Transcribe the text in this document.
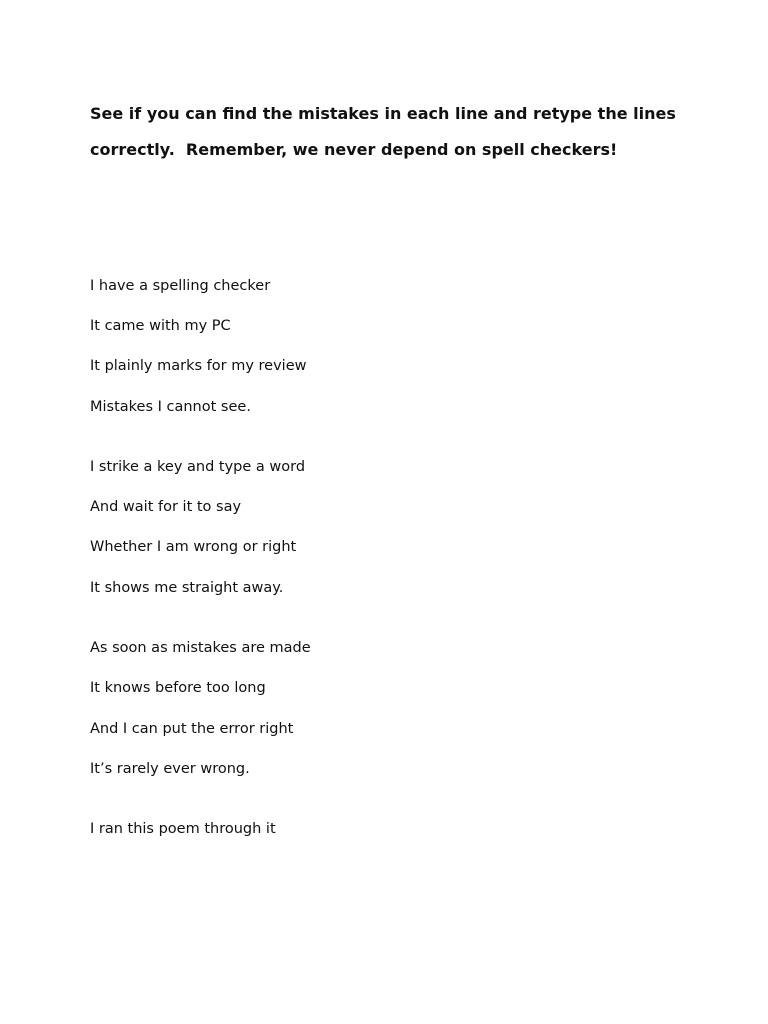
See if you can find the mistakes in each line and retype the lines
correctly.  Remember, we never depend on spell checkers!
I have a spelling checker
It came with my PC
It plainly marks for my review
Mistakes I cannot see.
I strike a key and type a word
And wait for it to say
Whether I am wrong or right
It shows me straight away.
As soon as mistakes are made
It knows before too long
And I can put the error right
It’s rarely ever wrong.
I ran this poem through it
